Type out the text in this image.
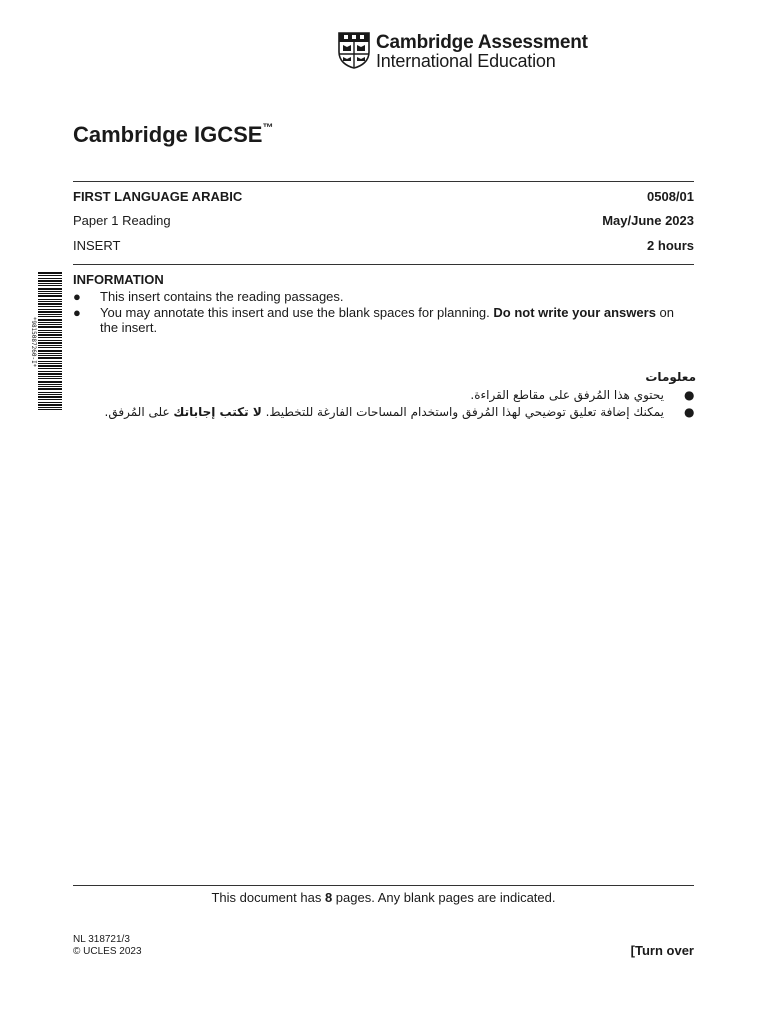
Cambridge Assessment
International Education
Cambridge IGCSE™
FIRST LANGUAGE ARABIC	0508/01
Paper 1 Reading	May/June 2023
INSERT	2 hours
INFORMATION
● This insert contains the reading passages.
● You may annotate this insert and use the blank spaces for planning. Do not write your answers on the insert.
معلومات
يحتوي هذا المُرفق على مقاطع القراءة. ●
يمكنك إضافة تعليق توضيحي لهذا المُرفق واستخدام المساحات الفارغة للتخطيط. لا تكتب إجاباتك على المُرفق.	●
*9815087260-I*
This document has 8 pages. Any blank pages are indicated.
NL 318721/3
© UCLES 2023	[Turn over
